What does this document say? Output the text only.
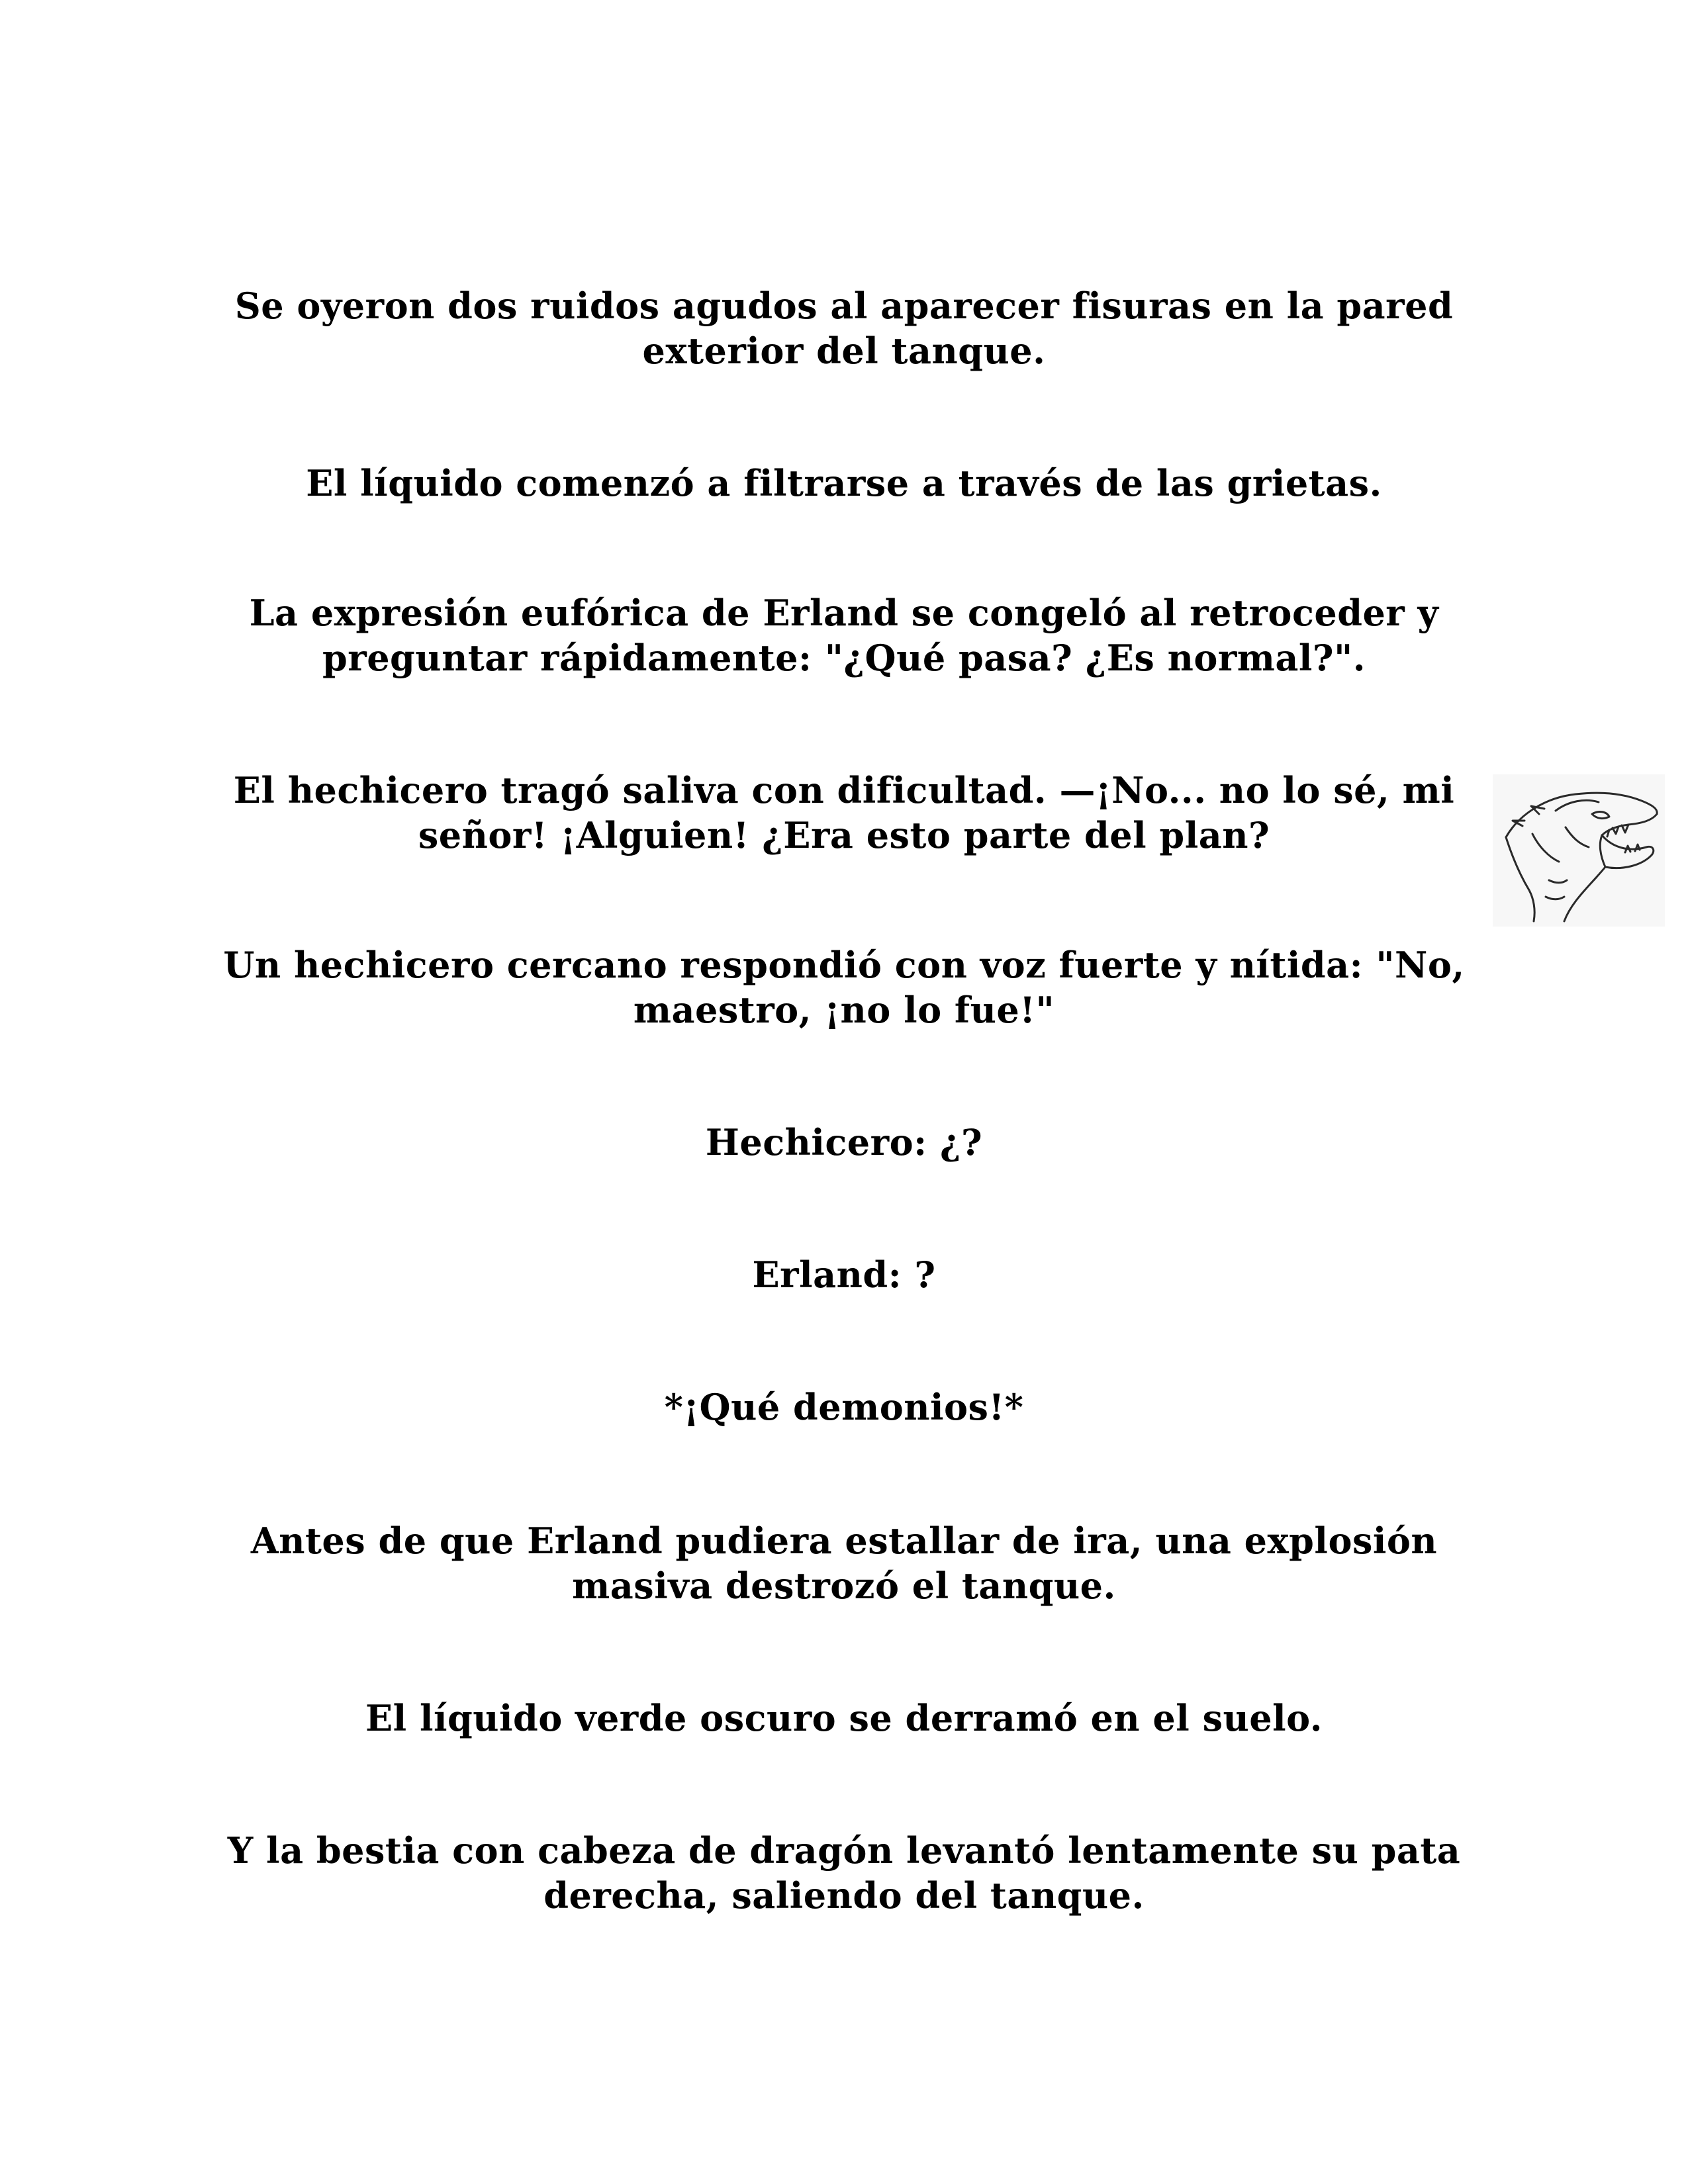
Se oyeron dos ruidos agudos al aparecer fisuras en la pared
exterior del tanque.

El líquido comenzó a filtrarse a través de las grietas.

La expresión eufórica de Erland se congeló al retroceder y
preguntar rápidamente: "¿Qué pasa? ¿Es normal?".

El hechicero tragó saliva con dificultad. —¡No... no lo sé, mi
señor! ¡Alguien! ¿Era esto parte del plan?

Un hechicero cercano respondió con voz fuerte y nítida: "No,
maestro, ¡no lo fue!"

Hechicero: ¿?

Erland: ?

*¡Qué demonios!*

Antes de que Erland pudiera estallar de ira, una explosión
masiva destrozó el tanque.

El líquido verde oscuro se derramó en el suelo.

Y la bestia con cabeza de dragón levantó lentamente su pata
derecha, saliendo del tanque.
